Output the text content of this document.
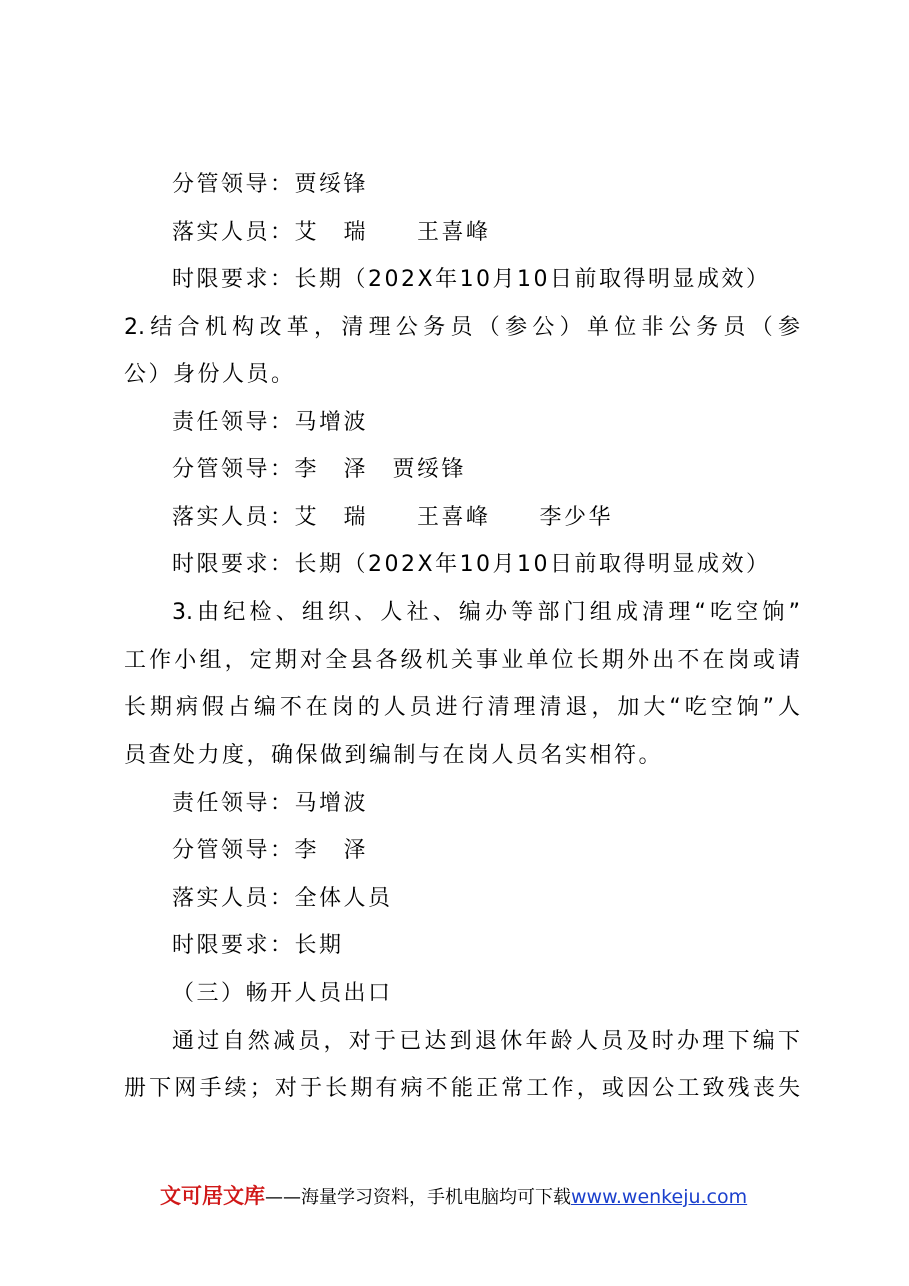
分管领导：贾绥锋
落实人员：艾　瑞　　王喜峰
时限要求：长期（202X年10月10日前取得明显成效）
2.结合机构改革，清理公务员（参公）单位非公务员（参
公）身份人员。
责任领导：马增波
分管领导：李　泽　贾绥锋
落实人员：艾　瑞　　王喜峰　　李少华
时限要求：长期（202X年10月10日前取得明显成效）
3.由纪检、组织、人社、编办等部门组成清理“吃空饷”
工作小组，定期对全县各级机关事业单位长期外出不在岗或请
长期病假占编不在岗的人员进行清理清退，加大“吃空饷”人
员查处力度，确保做到编制与在岗人员名实相符。
责任领导：马增波
分管领导：李　泽
落实人员：全体人员
时限要求：长期
（三）畅开人员出口
通过自然减员，对于已达到退休年龄人员及时办理下编下
册下网手续；对于长期有病不能正常工作，或因公工致残丧失
文可居文库——海量学习资料，手机电脑均可下载www.wenkeju.com
